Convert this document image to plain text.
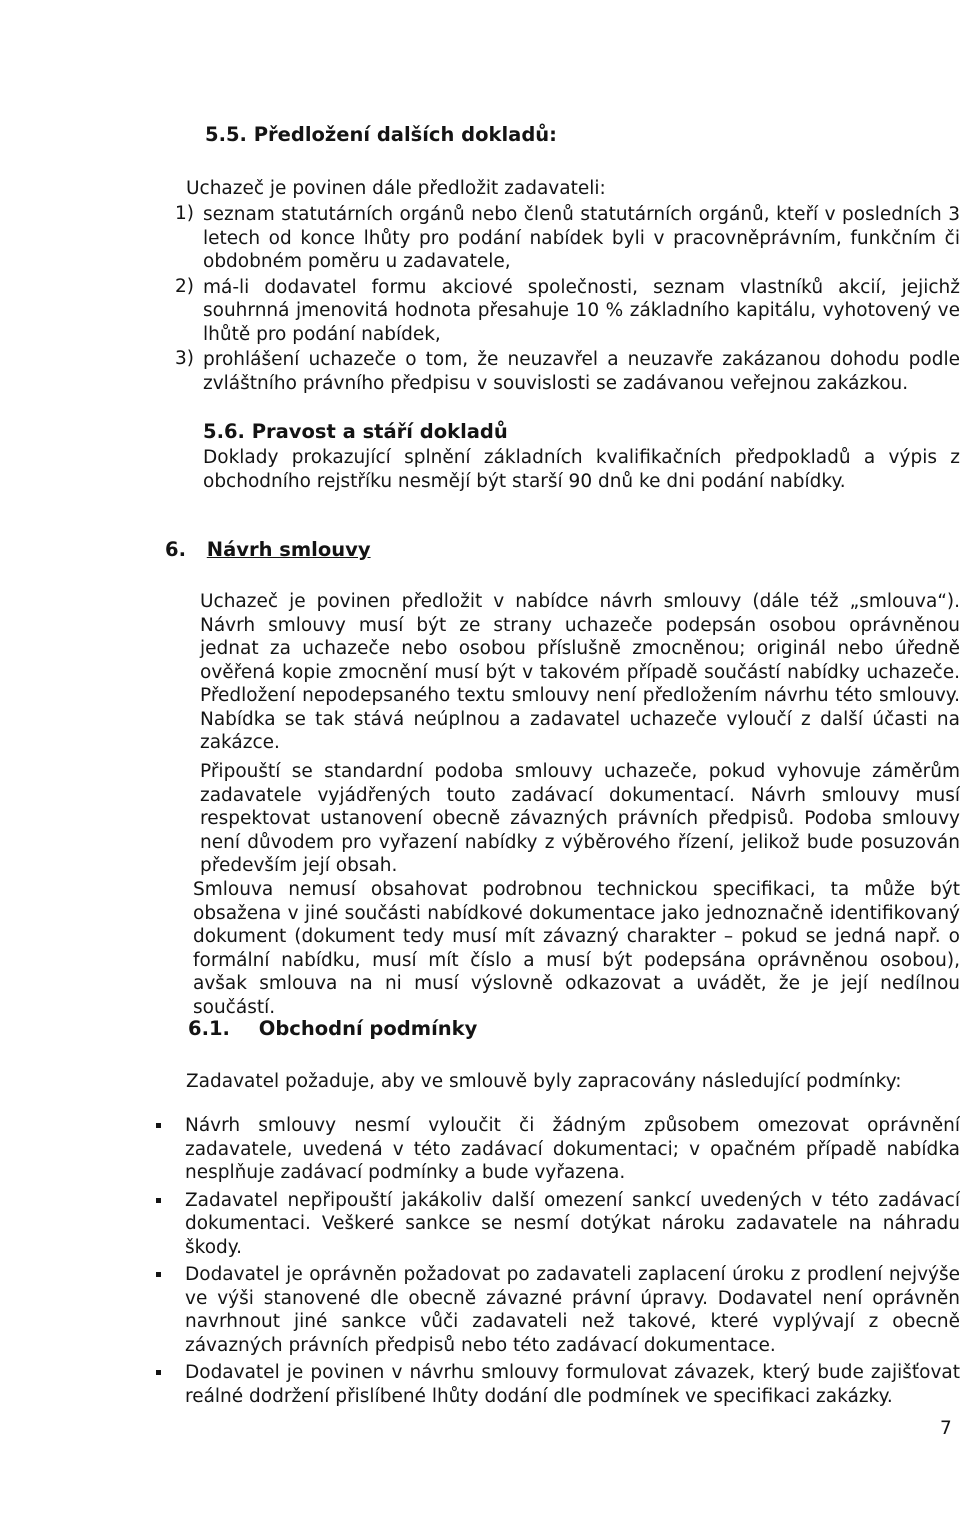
5.5. Předložení dalších dokladů:
Uchazeč je povinen dále předložit zadavateli:
1) seznam statutárních orgánů nebo členů statutárních orgánů, kteří v posledních 3 letech od konce lhůty pro podání nabídek byli v pracovněprávním, funkčním či obdobném poměru u zadavatele,
2) má-li dodavatel formu akciové společnosti, seznam vlastníků akcií, jejichž souhrnná jmenovitá hodnota přesahuje 10 % základního kapitálu, vyhotovený ve lhůtě pro podání nabídek,
3) prohlášení uchazeče o tom, že neuzavřel a neuzavře zakázanou dohodu podle zvláštního právního předpisu v souvislosti se zadávanou veřejnou zakázkou.
5.6. Pravost a stáří dokladů
Doklady prokazující splnění základních kvalifikačních předpokladů a výpis z obchodního rejstříku nesmějí být starší 90 dnů ke dni podání nabídky.
6. Návrh smlouvy
Uchazeč je povinen předložit v nabídce návrh smlouvy (dále též „smlouva“). Návrh smlouvy musí být ze strany uchazeče podepsán osobou oprávněnou jednat za uchazeče nebo osobou příslušně zmocněnou; originál nebo úředně ověřená kopie zmocnění musí být v takovém případě součástí nabídky uchazeče. Předložení nepodepsaného textu smlouvy není předložením návrhu této smlouvy. Nabídka se tak stává neúplnou a zadavatel uchazeče vyloučí z další účasti na zakázce.
Připouští se standardní podoba smlouvy uchazeče, pokud vyhovuje záměrům zadavatele vyjádřených touto zadávací dokumentací. Návrh smlouvy musí respektovat ustanovení obecně závazných právních předpisů. Podoba smlouvy není důvodem pro vyřazení nabídky z výběrového řízení, jelikož bude posuzován především její obsah.
Smlouva nemusí obsahovat podrobnou technickou specifikaci, ta může být obsažena v jiné součásti nabídkové dokumentace jako jednoznačně identifikovaný dokument (dokument tedy musí mít závazný charakter – pokud se jedná např. o formální nabídku, musí mít číslo a musí být podepsána oprávněnou osobou), avšak smlouva na ni musí výslovně odkazovat a uvádět, že je její nedílnou součástí.
6.1. Obchodní podmínky
Zadavatel požaduje, aby ve smlouvě byly zapracovány následující podmínky:
Návrh smlouvy nesmí vyloučit či žádným způsobem omezovat oprávnění zadavatele, uvedená v této zadávací dokumentaci; v opačném případě nabídka nesplňuje zadávací podmínky a bude vyřazena.
Zadavatel nepřipouští jakákoliv další omezení sankcí uvedených v této zadávací dokumentaci. Veškeré sankce se nesmí dotýkat nároku zadavatele na náhradu škody.
Dodavatel je oprávněn požadovat po zadavateli zaplacení úroku z prodlení nejvýše ve výši stanovené dle obecně závazné právní úpravy. Dodavatel není oprávněn navrhnout jiné sankce vůči zadavateli než takové, které vyplývají z obecně závazných právních předpisů nebo této zadávací dokumentace.
Dodavatel je povinen v návrhu smlouvy formulovat závazek, který bude zajišťovat reálné dodržení přislíbené lhůty dodání dle podmínek ve specifikaci zakázky.
7
